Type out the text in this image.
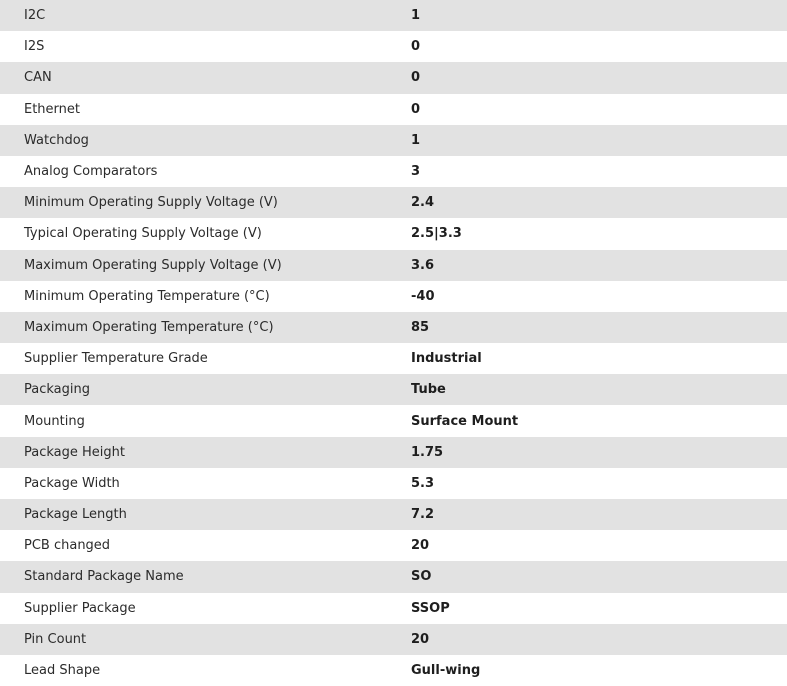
I2C	1
I2S	0
CAN	0
Ethernet	0
Watchdog	1
Analog Comparators	3
Minimum Operating Supply Voltage (V)	2.4
Typical Operating Supply Voltage (V)	2.5|3.3
Maximum Operating Supply Voltage (V)	3.6
Minimum Operating Temperature (°C)	-40
Maximum Operating Temperature (°C)	85
Supplier Temperature Grade	Industrial
Packaging	Tube
Mounting	Surface Mount
Package Height	1.75
Package Width	5.3
Package Length	7.2
PCB changed	20
Standard Package Name	SO
Supplier Package	SSOP
Pin Count	20
Lead Shape	Gull-wing
